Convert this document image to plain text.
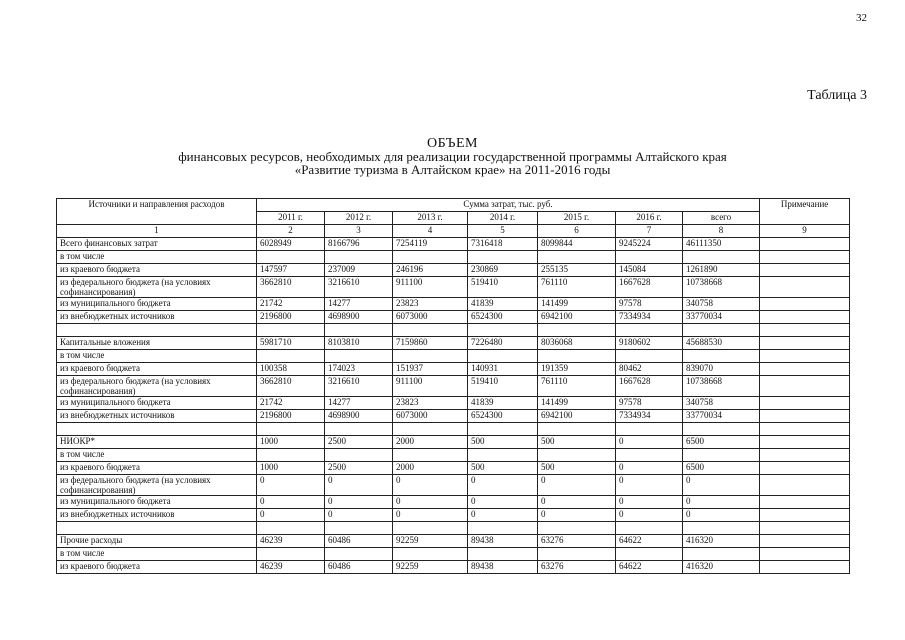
32
Таблица 3
ОБЪЕМ
финансовых ресурсов, необходимых для реализации государственной программы Алтайского края
«Развитие туризма в Алтайском крае» на 2011-2016 годы
Источники и направления расходов	Сумма затрат, тыс. руб.							Примечание
	2011 г.	2012 г.	2013 г.	2014 г.	2015 г.	2016 г.	всего	
1	2	3	4	5	6	7	8	9
Всего финансовых затрат	6028949	8166796	7254119	7316418	8099844	9245224	46111350	
в том числе								
из краевого бюджета	147597	237009	246196	230869	255135	145084	1261890	
из федерального бюджета (на условиях софинансирования)	3662810	3216610	911100	519410	761110	1667628	10738668	
из муниципального бюджета	21742	14277	23823	41839	141499	97578	340758	
из внебюджетных источников	2196800	4698900	6073000	6524300	6942100	7334934	33770034	

Капитальные вложения	5981710	8103810	7159860	7226480	8036068	9180602	45688530	
в том числе								
из краевого бюджета	100358	174023	151937	140931	191359	80462	839070	
из федерального бюджета (на условиях софинансирования)	3662810	3216610	911100	519410	761110	1667628	10738668	
из муниципального бюджета	21742	14277	23823	41839	141499	97578	340758	
из внебюджетных источников	2196800	4698900	6073000	6524300	6942100	7334934	33770034	

НИОКР*	1000	2500	2000	500	500	0	6500	
в том числе								
из краевого бюджета	1000	2500	2000	500	500	0	6500	
из федерального бюджета (на условиях софинансирования)	0	0	0	0	0	0	0	
из муниципального бюджета	0	0	0	0	0	0	0	
из внебюджетных источников	0	0	0	0	0	0	0	

Прочие расходы	46239	60486	92259	89438	63276	64622	416320	
в том числе								
из краевого бюджета	46239	60486	92259	89438	63276	64622	416320	
